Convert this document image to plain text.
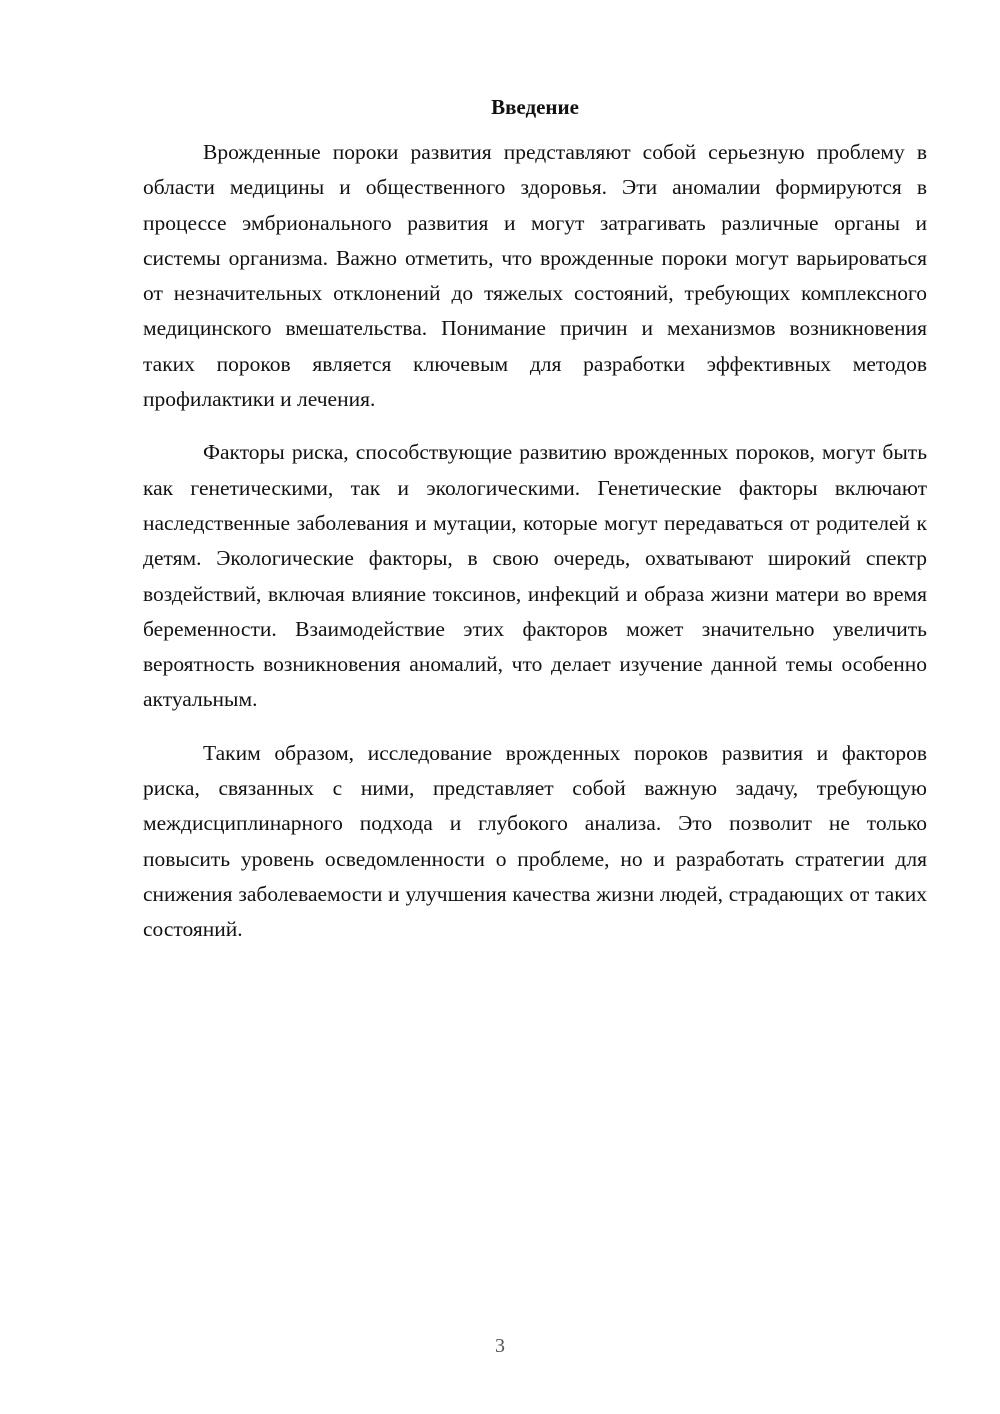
Введение

Врожденные пороки развития представляют собой серьезную проблему в области медицины и общественного здоровья. Эти аномалии формируются в процессе эмбрионального развития и могут затрагивать различные органы и системы организма. Важно отметить, что врожденные пороки могут варьироваться от незначительных отклонений до тяжелых состояний, требующих комплексного медицинского вмешательства. Понимание причин и механизмов возникновения таких пороков является ключевым для разработки эффективных методов профилактики и лечения.

Факторы риска, способствующие развитию врожденных пороков, могут быть как генетическими, так и экологическими. Генетические факторы включают наследственные заболевания и мутации, которые могут передаваться от родителей к детям. Экологические факторы, в свою очередь, охватывают широкий спектр воздействий, включая влияние токсинов, инфекций и образа жизни матери во время беременности. Взаимодействие этих факторов может значительно увеличить вероятность возникновения аномалий, что делает изучение данной темы особенно актуальным.

Таким образом, исследование врожденных пороков развития и факторов риска, связанных с ними, представляет собой важную задачу, требующую междисциплинарного подхода и глубокого анализа. Это позволит не только повысить уровень осведомленности о проблеме, но и разработать стратегии для снижения заболеваемости и улучшения качества жизни людей, страдающих от таких состояний.

3
